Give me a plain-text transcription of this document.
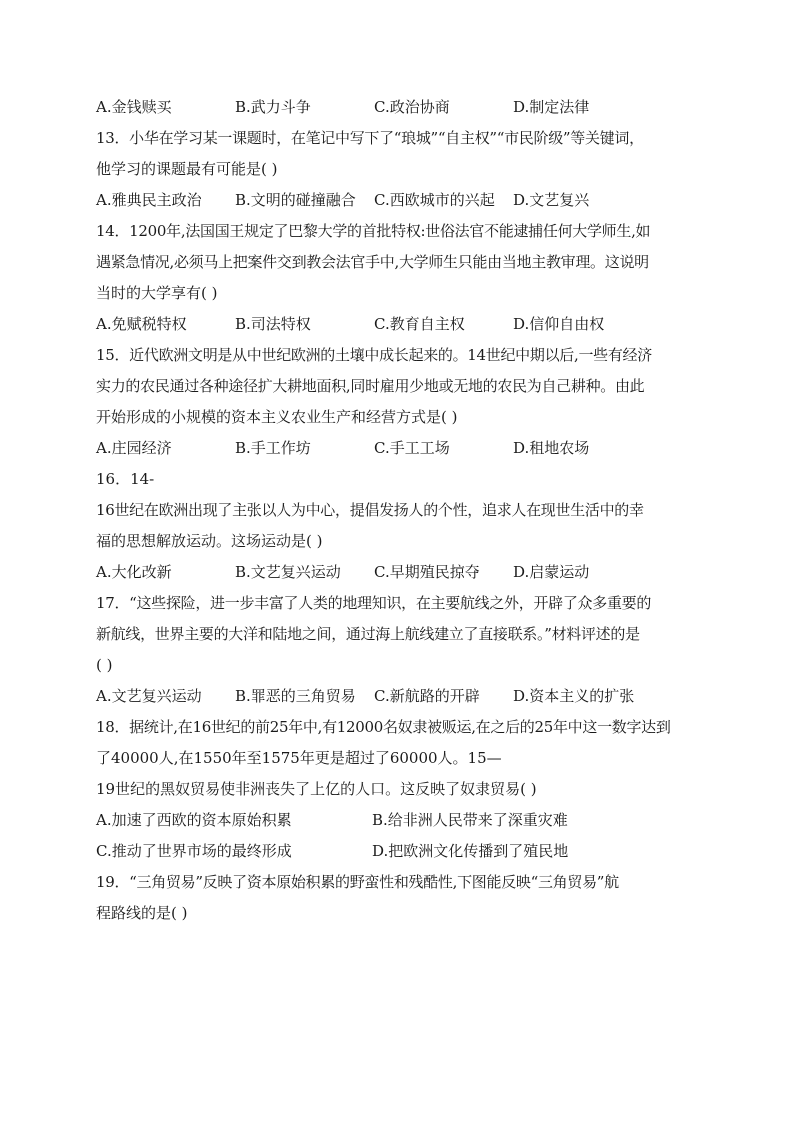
A.金钱赎买	B.武力斗争	C.政治协商	D.制定法律
13．小华在学习某一课题时，在笔记中写下了“琅城”“自主权”“市民阶级”等关键词，
他学习的课题最有可能是( )
A.雅典民主政治	B.文明的碰撞融合	C.西欧城市的兴起	D.文艺复兴
14．1200年,法国国王规定了巴黎大学的首批特权:世俗法官不能逮捕任何大学师生,如
遇紧急情况,必须马上把案件交到教会法官手中,大学师生只能由当地主教审理。这说明
当时的大学享有( )
A.免赋税特权	B.司法特权	C.教育自主权	D.信仰自由权
15．近代欧洲文明是从中世纪欧洲的土壤中成长起来的。14世纪中期以后,一些有经济
实力的农民通过各种途径扩大耕地面积,同时雇用少地或无地的农民为自己耕种。由此
开始形成的小规模的资本主义农业生产和经营方式是( )
A.庄园经济	B.手工作坊	C.手工工场	D.租地农场
16．14-
16世纪在欧洲出现了主张以人为中心，提倡发扬人的个性，追求人在现世生活中的幸
福的思想解放运动。这场运动是( )
A.大化改新	B.文艺复兴运动	C.早期殖民掠夺	D.启蒙运动
17．“这些探险，进一步丰富了人类的地理知识，在主要航线之外，开辟了众多重要的
新航线，世界主要的大洋和陆地之间，通过海上航线建立了直接联系。”材料评述的是
( )
A.文艺复兴运动	B.罪恶的三角贸易	C.新航路的开辟	D.资本主义的扩张
18．据统计,在16世纪的前25年中,有12000名奴隶被贩运,在之后的25年中这一数字达到
了40000人,在1550年至1575年更是超过了60000人。15—
19世纪的黑奴贸易使非洲丧失了上亿的人口。这反映了奴隶贸易( )
A.加速了西欧的资本原始积累	B.给非洲人民带来了深重灾难
C.推动了世界市场的最终形成	D.把欧洲文化传播到了殖民地
19．“三角贸易”反映了资本原始积累的野蛮性和残酷性,下图能反映“三角贸易”航
程路线的是( )
